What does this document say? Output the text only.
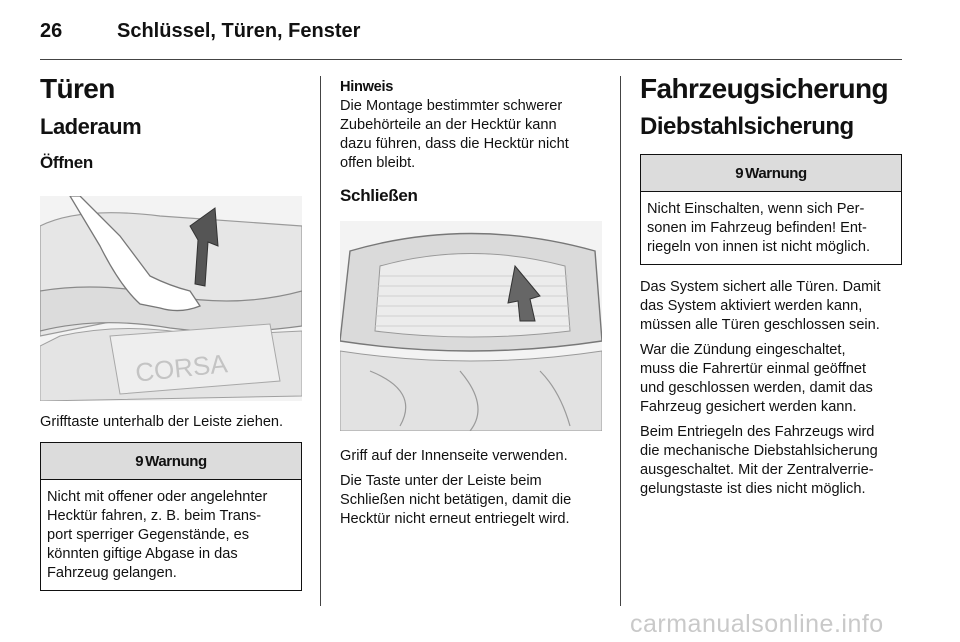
26	Schlüssel, Türen, Fenster
Türen
Laderaum
Öffnen
CORSA

Grifftaste unterhalb der Leiste ziehen.

9 Warnung
Nicht mit offener oder angelehnter
Hecktür fahren, z. B. beim Trans-
port sperriger Gegenstände, es
könnten giftige Abgase in das
Fahrzeug gelangen.
Hinweis
Die Montage bestimmter schwerer
Zubehörteile an der Hecktür kann
dazu führen, dass die Hecktür nicht
offen bleibt.
Schließen

Griff auf der Innenseite verwenden.

Die Taste unter der Leiste beim
Schließen nicht betätigen, damit die
Hecktür nicht erneut entriegelt wird.
Fahrzeugsicherung
Diebstahlsicherung
9 Warnung
Nicht Einschalten, wenn sich Per-
sonen im Fahrzeug befinden! Ent-
riegeln von innen ist nicht möglich.
Das System sichert alle Türen. Damit
das System aktiviert werden kann,
müssen alle Türen geschlossen sein.
War die Zündung eingeschaltet,
muss die Fahrertür einmal geöffnet
und geschlossen werden, damit das
Fahrzeug gesichert werden kann.
Beim Entriegeln des Fahrzeugs wird
die mechanische Diebstahlsicherung
ausgeschaltet. Mit der Zentralverrie-
gelungstaste ist dies nicht möglich.
carmanualsonline.info
